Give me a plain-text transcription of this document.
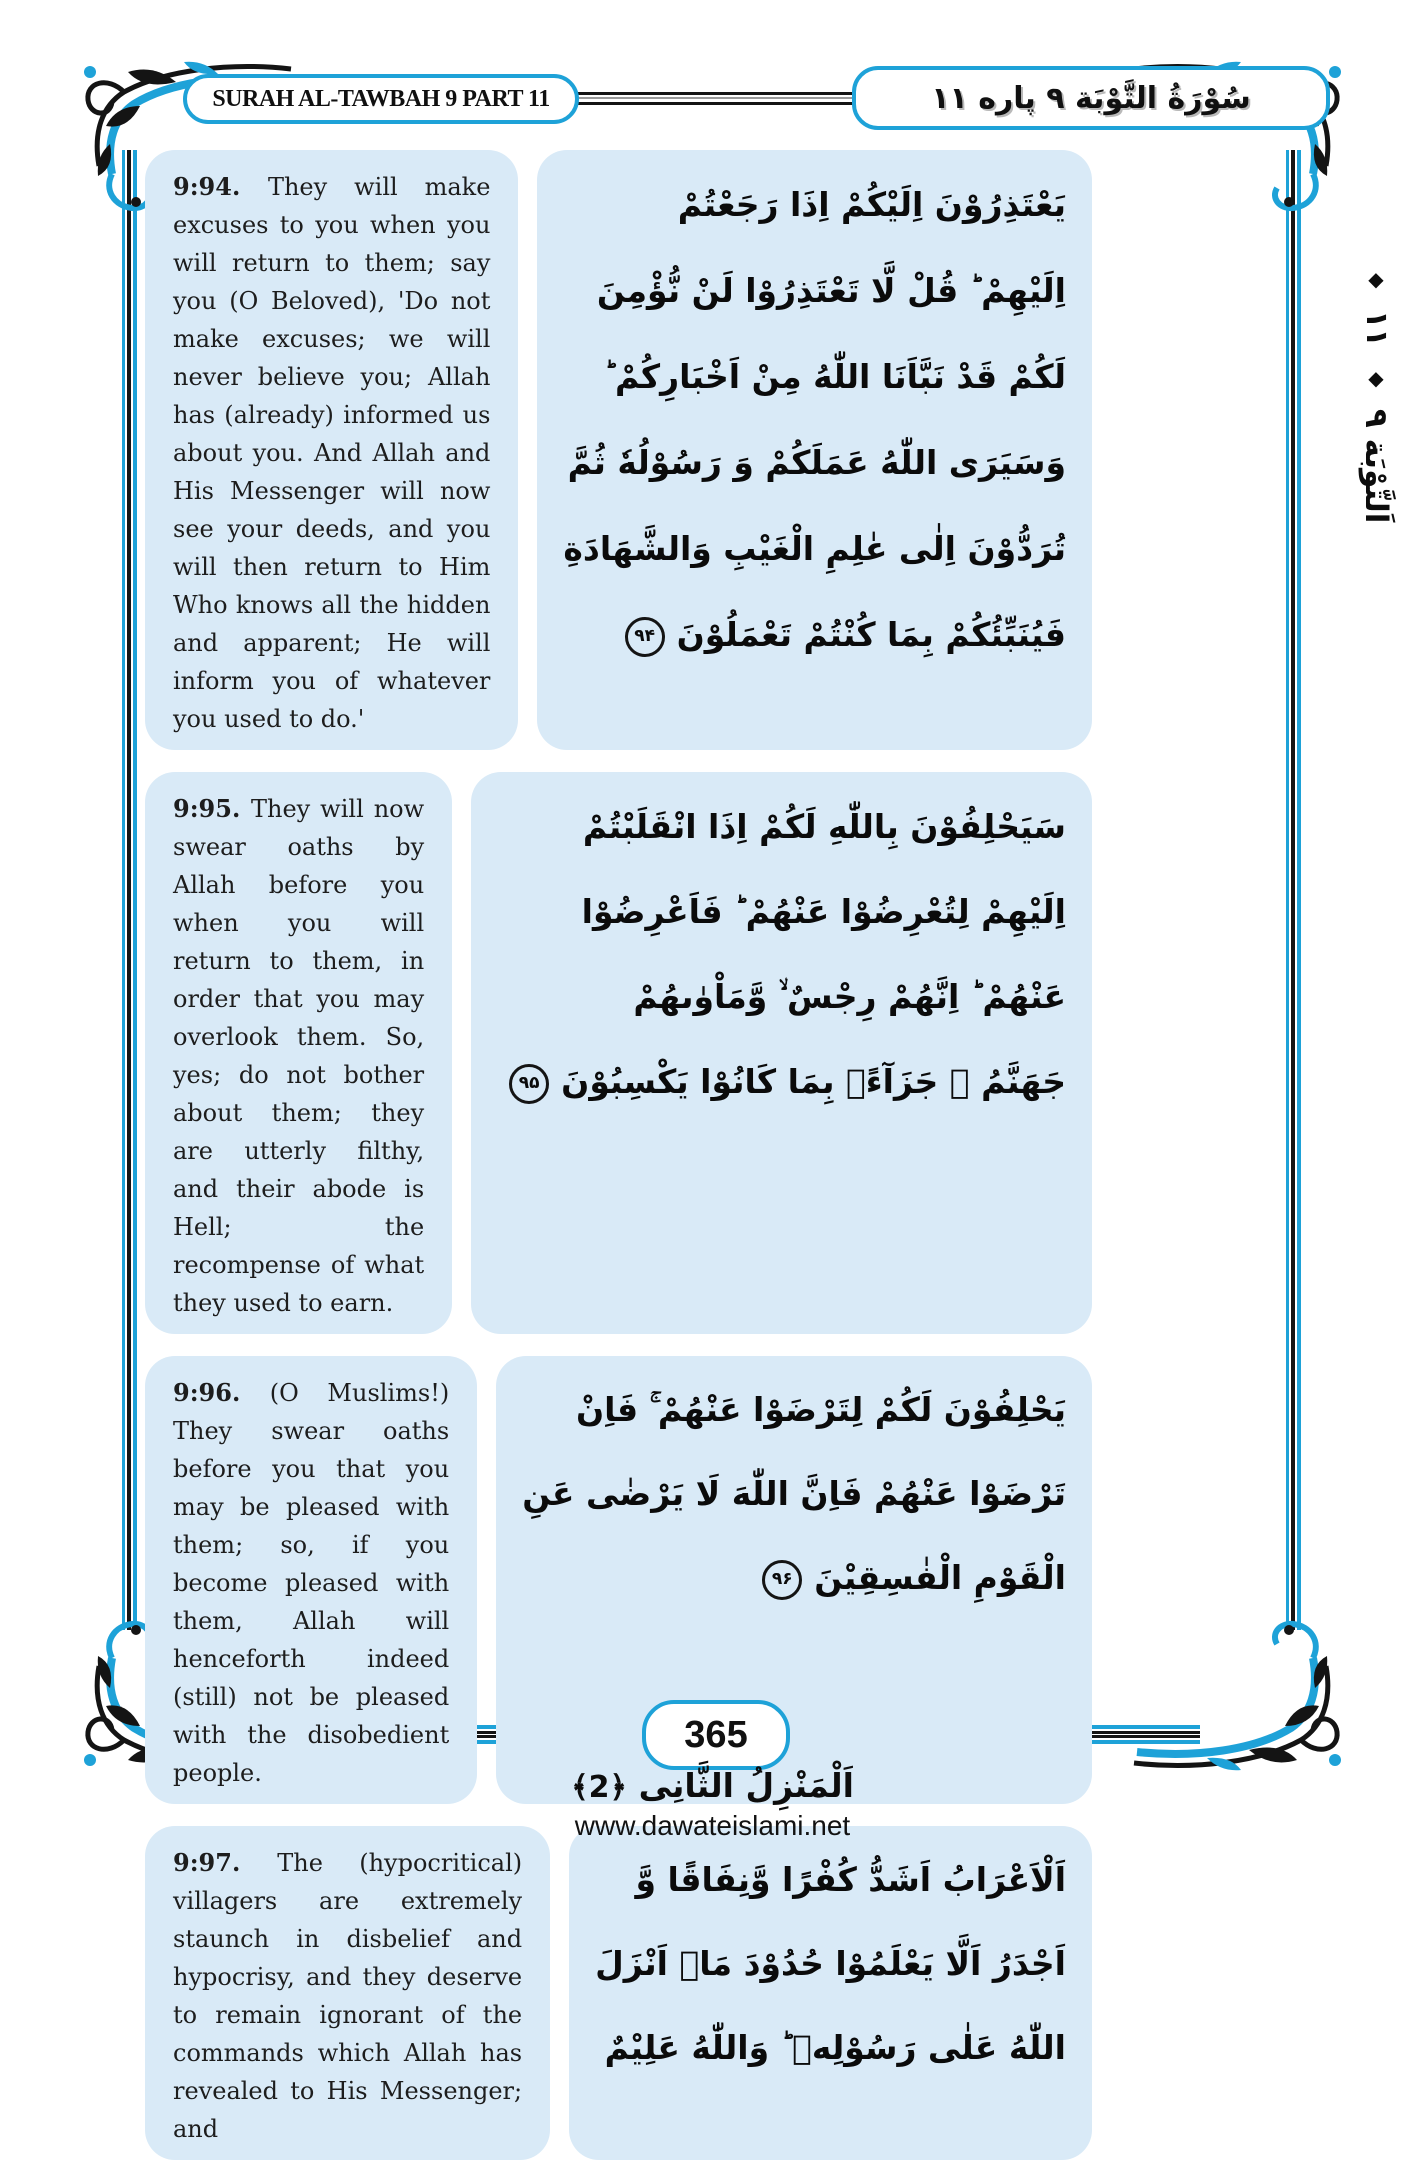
SURAH AL-TAWBAH 9 PART 11	سُوْرَةُ التَّوْبَة ۹ پاره ۱۱
اَلتَّوْبَة ۹ ◆ ۱۱ ◆

9:94. They will make excuses to you when you will return to them; say you (O Beloved), 'Do not make excuses; we will never believe you; Allah has (already) informed us about you. And Allah and His Messenger will now see your deeds, and you will then return to Him Who knows all the hidden and apparent; He will inform you of whatever you used to do.'

يَعْتَذِرُوْنَ اِلَيْكُمْ اِذَا رَجَعْتُمْ
اِلَيْهِمْ ؕ قُلْ لَّا تَعْتَذِرُوْا لَنْ نُّؤْمِنَ
لَكُمْ قَدْ نَبَّاَنَا اللّٰهُ مِنْ اَخْبَارِكُمْ ؕ
وَسَيَرَى اللّٰهُ عَمَلَكُمْ وَ رَسُوْلُهٗ ثُمَّ
تُرَدُّوْنَ اِلٰى عٰلِمِ الْغَيْبِ وَالشَّهَادَةِ
فَيُنَبِّئُكُمْ بِمَا كُنْتُمْ تَعْمَلُوْنَ۹۴

9:95. They will now swear oaths by Allah before you when you will return to them, in order that you may overlook them. So, yes; do not bother about them; they are utterly filthy, and their abode is Hell; the recompense of what they used to earn.

سَيَحْلِفُوْنَ بِاللّٰهِ لَكُمْ اِذَا انْقَلَبْتُمْ
اِلَيْهِمْ لِتُعْرِضُوْا عَنْهُمْ ؕ فَاَعْرِضُوْا
عَنْهُمْ ؕ اِنَّهُمْ رِجْسٌ ۙ وَّمَاْوٰىهُمْ
جَهَنَّمُ ۚ جَزَآءًۢ بِمَا كَانُوْا يَكْسِبُوْنَ۹۵

9:96. (O Muslims!) They swear oaths before you that you may be pleased with them; so, if you become pleased with them, Allah will henceforth indeed (still) not be pleased with the disobedient people.

يَحْلِفُوْنَ لَكُمْ لِتَرْضَوْا عَنْهُمْ ۚ فَاِنْ
تَرْضَوْا عَنْهُمْ فَاِنَّ اللّٰهَ لَا يَرْضٰى عَنِ
الْقَوْمِ الْفٰسِقِيْنَ۹۶

9:97. The (hypocritical) villagers are extremely staunch in disbelief and hypocrisy, and they deserve to remain ignorant of the commands which Allah has revealed to His Messenger; and

اَلْاَعْرَابُ اَشَدُّ كُفْرًا وَّنِفَاقًا وَّ
اَجْدَرُ اَلَّا يَعْلَمُوْا حُدُوْدَ مَاۤ اَنْزَلَ
اللّٰهُ عَلٰى رَسُوْلِهٖ ؕ وَاللّٰهُ عَلِيْمٌ
365
اَلْمَنْزِلُ الثَّانِی ﴿2﴾
www.dawateislami.net
